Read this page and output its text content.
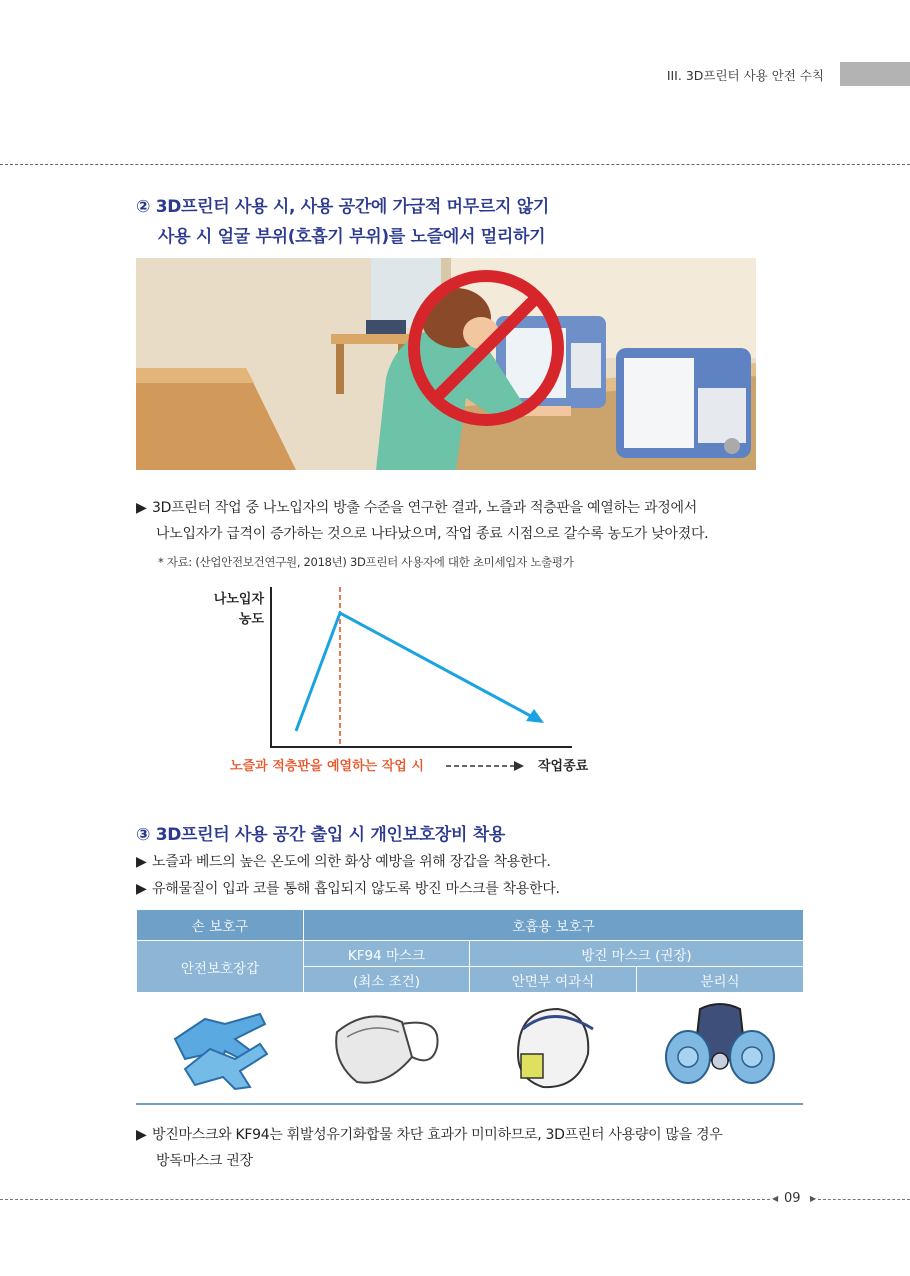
III. 3D프린터 사용 안전 수칙
② 3D프린터 사용 시, 사용 공간에 가급적 머무르지 않기
사용 시 얼굴 부위(호흡기 부위)를 노즐에서 멀리하기
▶ 3D프린터 작업 중 나노입자의 방출 수준을 연구한 결과, 노즐과 적층판을 예열하는 과정에서
나노입자가 급격이 증가하는 것으로 나타났으며, 작업 종료 시점으로 갈수록 농도가 낮아졌다.
* 자료: (산업안전보건연구원, 2018년) 3D프린터 사용자에 대한 초미세입자 노출평가
나노입자
농도
노즐과 적층판을 예열하는 작업 시	작업종료
③ 3D프린터 사용 공간 출입 시 개인보호장비 착용
▶ 노즐과 베드의 높은 온도에 의한 화상 예방을 위해 장갑을 착용한다.
▶ 유해물질이 입과 코를 통해 흡입되지 않도록 방진 마스크를 착용한다.
손 보호구	호흡용 보호구		
안전보호장갑	KF94 마스크	방진 마스크 (권장)	
	(최소 조건)	안면부 여과식	분리식

▶ 방진마스크와 KF94는 휘발성유기화합물 차단 효과가 미미하므로, 3D프린터 사용량이 많을 경우
방독마스크 권장
◀ 09 ▶
